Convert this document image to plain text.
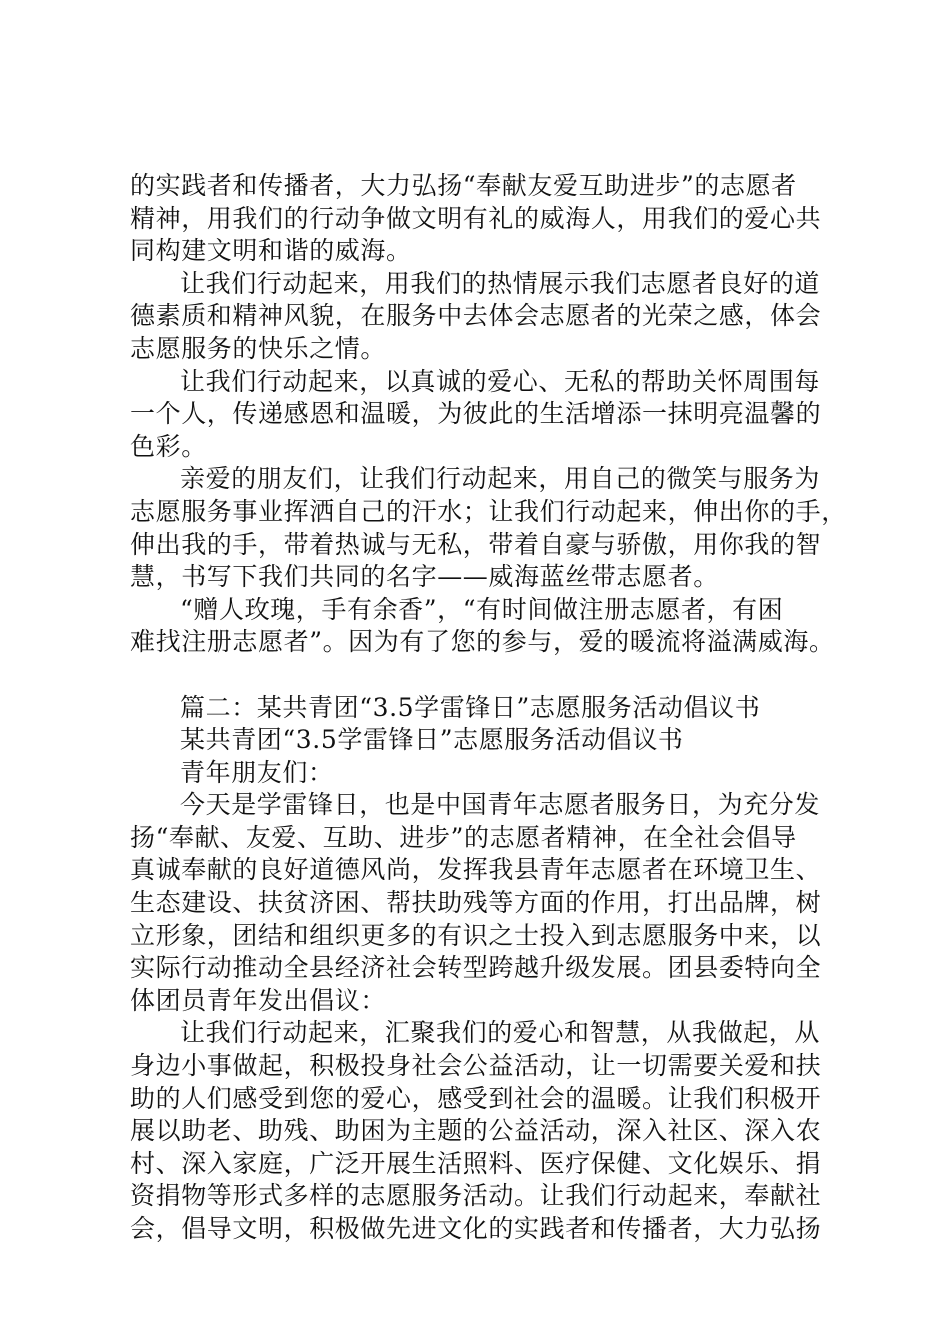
的实践者和传播者，大力弘扬“奉献友爱互助进步”的志愿者
精神，用我们的行动争做文明有礼的威海人，用我们的爱心共
同构建文明和谐的威海。
让我们行动起来，用我们的热情展示我们志愿者良好的道
德素质和精神风貌，在服务中去体会志愿者的光荣之感，体会
志愿服务的快乐之情。
让我们行动起来，以真诚的爱心、无私的帮助关怀周围每
一个人，传递感恩和温暖，为彼此的生活增添一抹明亮温馨的
色彩。
亲爱的朋友们，让我们行动起来，用自己的微笑与服务为
志愿服务事业挥洒自己的汗水；让我们行动起来，伸出你的手，
伸出我的手，带着热诚与无私，带着自豪与骄傲，用你我的智
慧，书写下我们共同的名字——威海蓝丝带志愿者。
“赠人玫瑰，手有余香”，“有时间做注册志愿者，有困
难找注册志愿者”。因为有了您的参与，爱的暖流将溢满威海。
篇二：某共青团“3.5学雷锋日”志愿服务活动倡议书
某共青团“3.5学雷锋日”志愿服务活动倡议书
青年朋友们：
今天是学雷锋日，也是中国青年志愿者服务日，为充分发
扬“奉献、友爱、互助、进步”的志愿者精神，在全社会倡导
真诚奉献的良好道德风尚，发挥我县青年志愿者在环境卫生、
生态建设、扶贫济困、帮扶助残等方面的作用，打出品牌，树
立形象，团结和组织更多的有识之士投入到志愿服务中来，以
实际行动推动全县经济社会转型跨越升级发展。团县委特向全
体团员青年发出倡议：
让我们行动起来，汇聚我们的爱心和智慧，从我做起，从
身边小事做起，积极投身社会公益活动，让一切需要关爱和扶
助的人们感受到您的爱心，感受到社会的温暖。让我们积极开
展以助老、助残、助困为主题的公益活动，深入社区、深入农
村、深入家庭，广泛开展生活照料、医疗保健、文化娱乐、捐
资捐物等形式多样的志愿服务活动。让我们行动起来，奉献社
会，倡导文明，积极做先进文化的实践者和传播者，大力弘扬
